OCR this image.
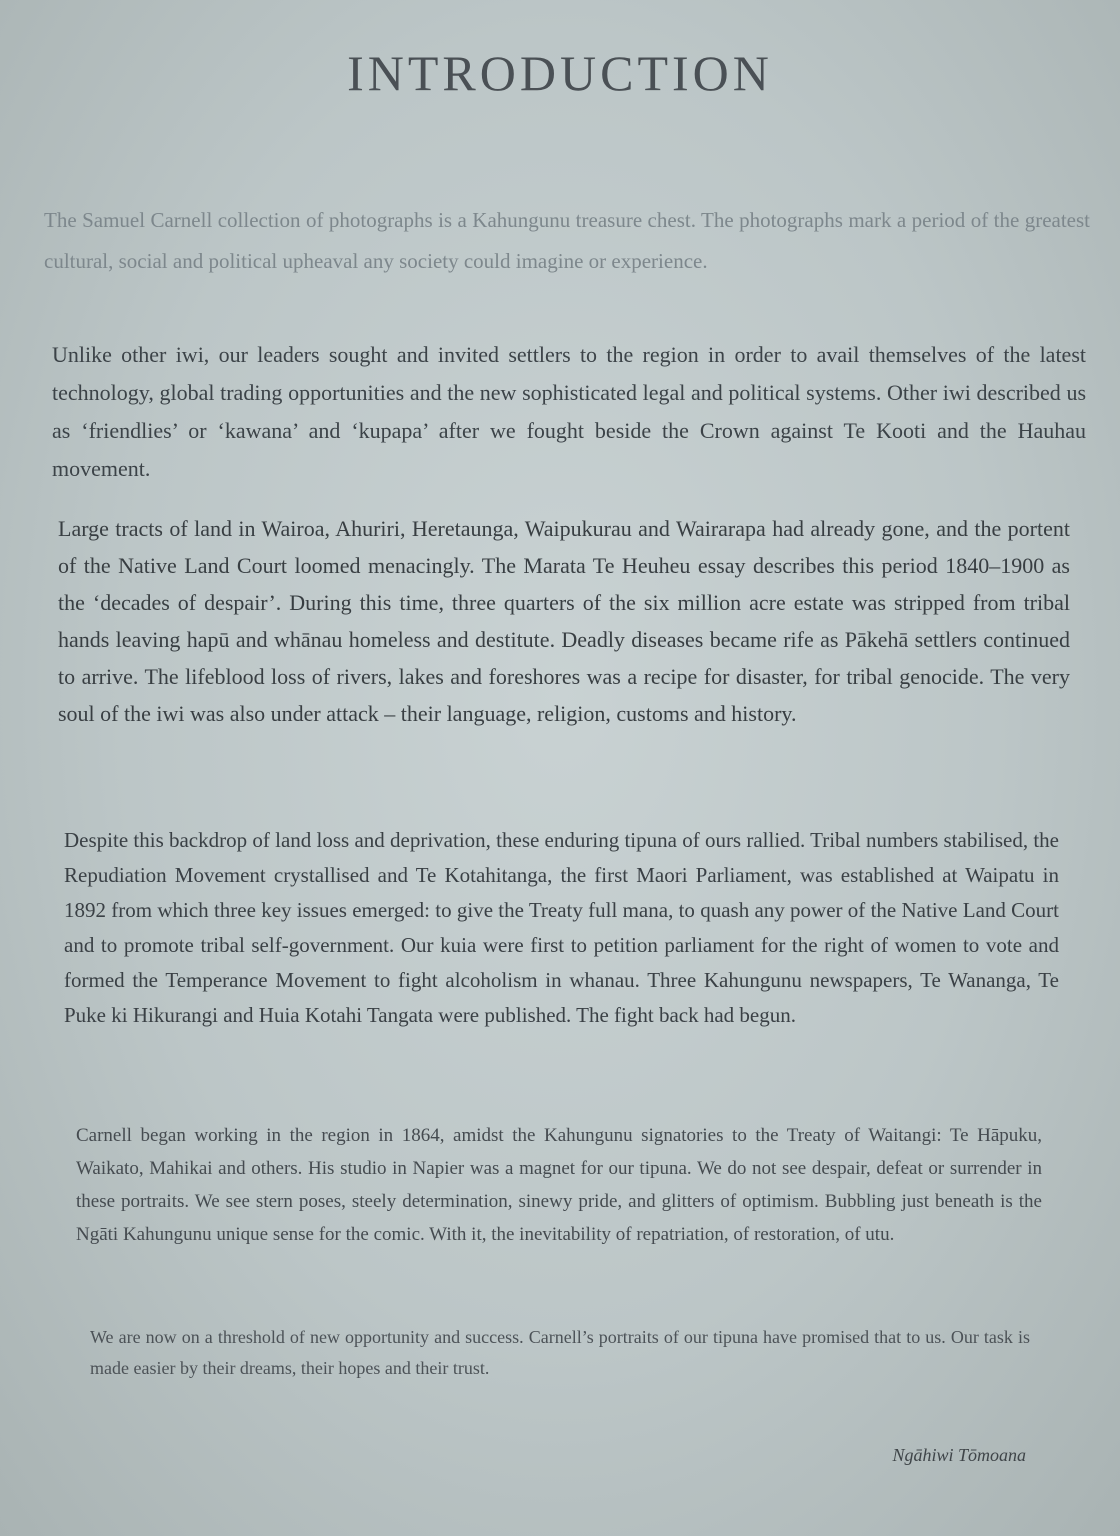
INTRODUCTION

The Samuel Carnell collection of photographs is a Kahungunu treasure chest. The photographs mark a period of the greatest cultural, social and political upheaval any society could imagine or experience.

Unlike other iwi, our leaders sought and invited settlers to the region in order to avail themselves of the latest technology, global trading opportunities and the new sophisticated legal and political systems. Other iwi described us as ‘friendlies’ or ‘kawana’ and ‘kupapa’ after we fought beside the Crown against Te Kooti and the Hauhau movement.

Large tracts of land in Wairoa, Ahuriri, Heretaunga, Waipukurau and Wairarapa had already gone, and the portent of the Native Land Court loomed menacingly. The Marata Te Heuheu essay describes this period 1840–1900 as the ‘decades of despair’. During this time, three quarters of the six million acre estate was stripped from tribal hands leaving hapū and whānau homeless and destitute. Deadly diseases became rife as Pākehā settlers continued to arrive. The lifeblood loss of rivers, lakes and foreshores was a recipe for disaster, for tribal genocide. The very soul of the iwi was also under attack – their language, religion, customs and history.

Despite this backdrop of land loss and deprivation, these enduring tipuna of ours rallied. Tribal numbers stabilised, the Repudiation Movement crystallised and Te Kotahitanga, the first Maori Parliament, was established at Waipatu in 1892 from which three key issues emerged: to give the Treaty full mana, to quash any power of the Native Land Court and to promote tribal self-government. Our kuia were first to petition parliament for the right of women to vote and formed the Temperance Movement to fight alcoholism in whanau. Three Kahungunu newspapers, Te Wananga, Te Puke ki Hikurangi and Huia Kotahi Tangata were published. The fight back had begun.

Carnell began working in the region in 1864, amidst the Kahungunu signatories to the Treaty of Waitangi: Te Hāpuku, Waikato, Mahikai and others. His studio in Napier was a magnet for our tipuna. We do not see despair, defeat or surrender in these portraits. We see stern poses, steely determination, sinewy pride, and glitters of optimism. Bubbling just beneath is the Ngāti Kahungunu unique sense for the comic. With it, the inevitability of repatriation, of restoration, of utu.

We are now on a threshold of new opportunity and success. Carnell’s portraits of our tipuna have promised that to us. Our task is made easier by their dreams, their hopes and their trust.

Ngāhiwi Tōmoana
